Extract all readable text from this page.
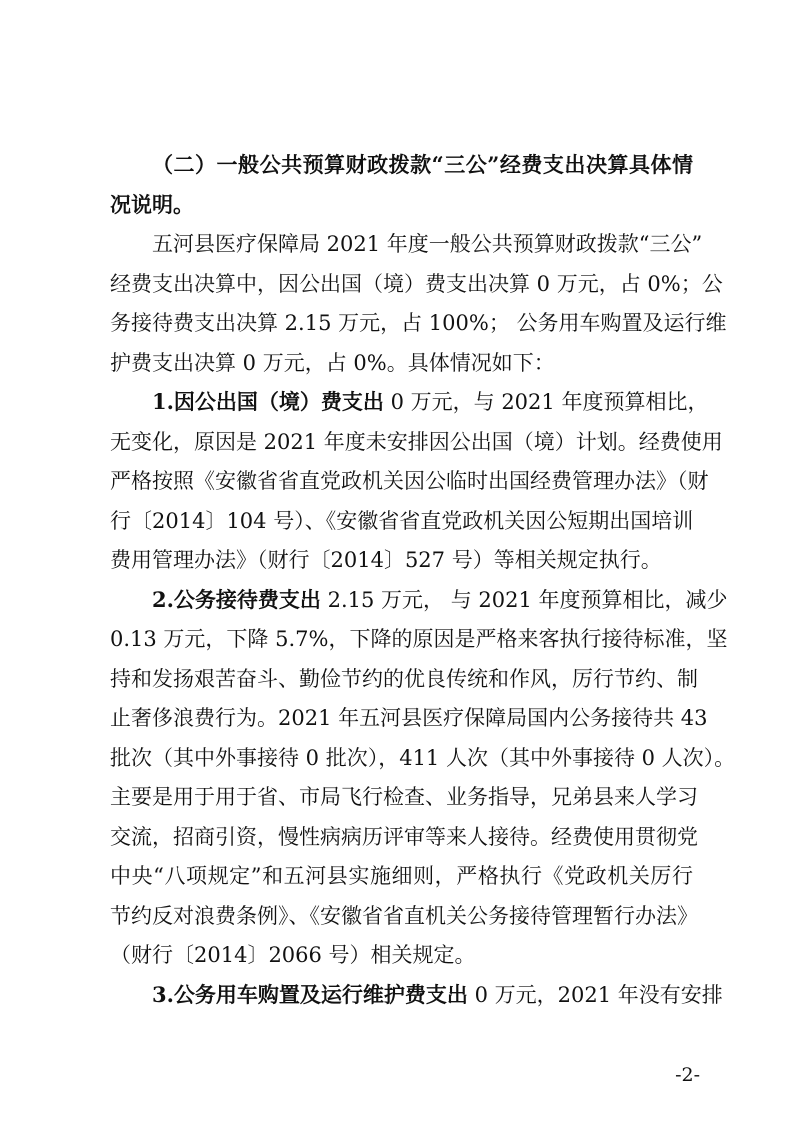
（二）一般公共预算财政拨款“三公”经费支出决算具体情
况说明。
五河县医疗保障局 2021 年度一般公共预算财政拨款“三公”
经费支出决算中，因公出国（境）费支出决算 0 万元，占 0%；公
务接待费支出决算 2.15 万元，占 100%； 公务用车购置及运行维
护费支出决算 0 万元，占 0%。具体情况如下：
1.因公出国（境）费支出 0 万元，与 2021 年度预算相比，
无变化，原因是 2021 年度未安排因公出国（境）计划。经费使用
严格按照《安徽省省直党政机关因公临时出国经费管理办法》（财
行〔2014〕104 号）、《安徽省省直党政机关因公短期出国培训
费用管理办法》（财行〔2014〕527 号）等相关规定执行。
2.公务接待费支出 2.15 万元， 与 2021 年度预算相比，减少
0.13 万元，下降 5.7%，下降的原因是严格来客执行接待标准，坚
持和发扬艰苦奋斗、勤俭节约的优良传统和作风，厉行节约、制
止奢侈浪费行为。2021 年五河县医疗保障局国内公务接待共 43
批次（其中外事接待 0 批次），411 人次（其中外事接待 0 人次）。
主要是用于用于省、市局飞行检查、业务指导，兄弟县来人学习
交流，招商引资，慢性病病历评审等来人接待。经费使用贯彻党
中央“八项规定”和五河县实施细则，严格执行《党政机关厉行
节约反对浪费条例》、《安徽省省直机关公务接待管理暂行办法》
（财行〔2014〕2066 号）相关规定。
3.公务用车购置及运行维护费支出 0 万元，2021 年没有安排
-2-
